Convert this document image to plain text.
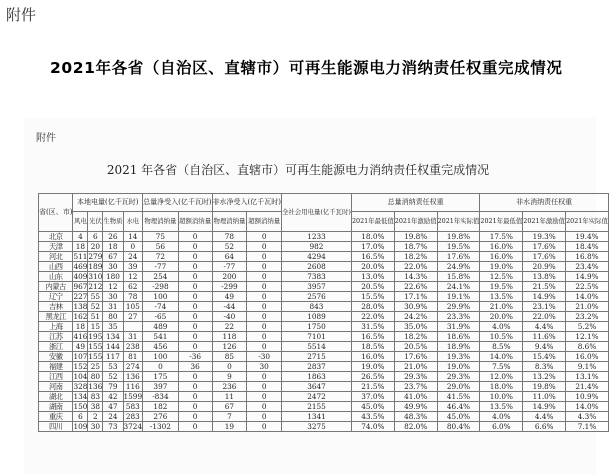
附件
2021年各省（自治区、直辖市）可再生能源电力消纳责任权重完成情况
附件
2021 年各省（自治区、直辖市）可再生能源电力消纳责任权重完成情况
省(区、市)	本地电量(亿千瓦时)				总量净受入(亿千瓦时)		非水净受入(亿千瓦时)		全社会用电量(亿千瓦时)	总量消纳责任权重			非水消纳责任权重		
	风电	光伏	生物质	水电	物理消纳量	超额消纳量	物理消纳量	超额消纳量		2021年最低值	2021年激励值	2021年实际值	2021年最低值	2021年激励值	2021年实际值
北京	4	6	26	14	75	0	78	0	1233	18.0%	19.8%	19.8%	17.5%	19.3%	19.4%
天津	18	20	18	0	56	0	52	0	982	17.0%	18.7%	19.5%	16.0%	17.6%	18.4%
河北	511	279	67	24	72	0	64	0	4294	16.5%	18.2%	17.6%	16.0%	17.6%	16.8%
山西	469	189	30	39	-77	0	-77	0	2608	20.0%	22.0%	24.9%	19.0%	20.9%	23.4%
山东	409	310	180	12	254	0	200	0	7383	13.0%	14.3%	15.8%	12.5%	13.8%	14.9%
内蒙古	967	212	12	62	-298	0	-299	0	3957	20.5%	22.6%	24.1%	19.5%	21.5%	22.5%
辽宁	227	55	30	78	100	0	49	0	2576	15.5%	17.1%	19.1%	13.5%	14.9%	14.0%
吉林	138	52	31	105	-74	0	-44	0	843	28.0%	30.9%	29.9%	21.0%	23.1%	21.0%
黑龙江	162	51	80	27	-65	0	-40	0	1089	22.0%	24.2%	23.3%	20.0%	22.0%	23.2%
上海	18	15	35		489	0	22	0	1750	31.5%	35.0%	31.9%	4.0%	4.4%	5.2%
江苏	416	195	134	31	541	0	118	0	7101	16.5%	18.2%	18.6%	10.5%	11.6%	12.1%
浙江	49	155	144	238	456	0	126	0	5514	18.5%	20.5%	18.9%	8.5%	9.4%	8.6%
安徽	107	155	117	81	100	-36	85	-30	2715	16.0%	17.6%	19.3%	14.0%	15.4%	16.0%
福建	152	25	53	274	0	36	0	30	2837	19.0%	21.0%	19.0%	7.5%	8.3%	9.1%
江西	104	80	52	136	175	0	9	0	1863	26.5%	29.3%	29.3%	12.0%	13.2%	13.1%
河南	328	136	79	116	397	0	236	0	3647	21.5%	23.7%	29.0%	18.0%	19.8%	21.4%
湖北	134	83	42	1599	-834	0	11	0	2472	37.0%	41.0%	41.5%	10.0%	11.0%	10.9%
湖南	150	38	47	583	182	0	67	0	2155	45.0%	49.9%	46.4%	13.5%	14.9%	14.0%
重庆	6	2	24	283	276	0	7	0	1341	43.5%	48.3%	45.0%	4.0%	4.4%	4.3%
四川	109	30	73	3724	-1302	0	19	0	3275	74.0%	82.0%	80.4%	6.0%	6.6%	7.1%
